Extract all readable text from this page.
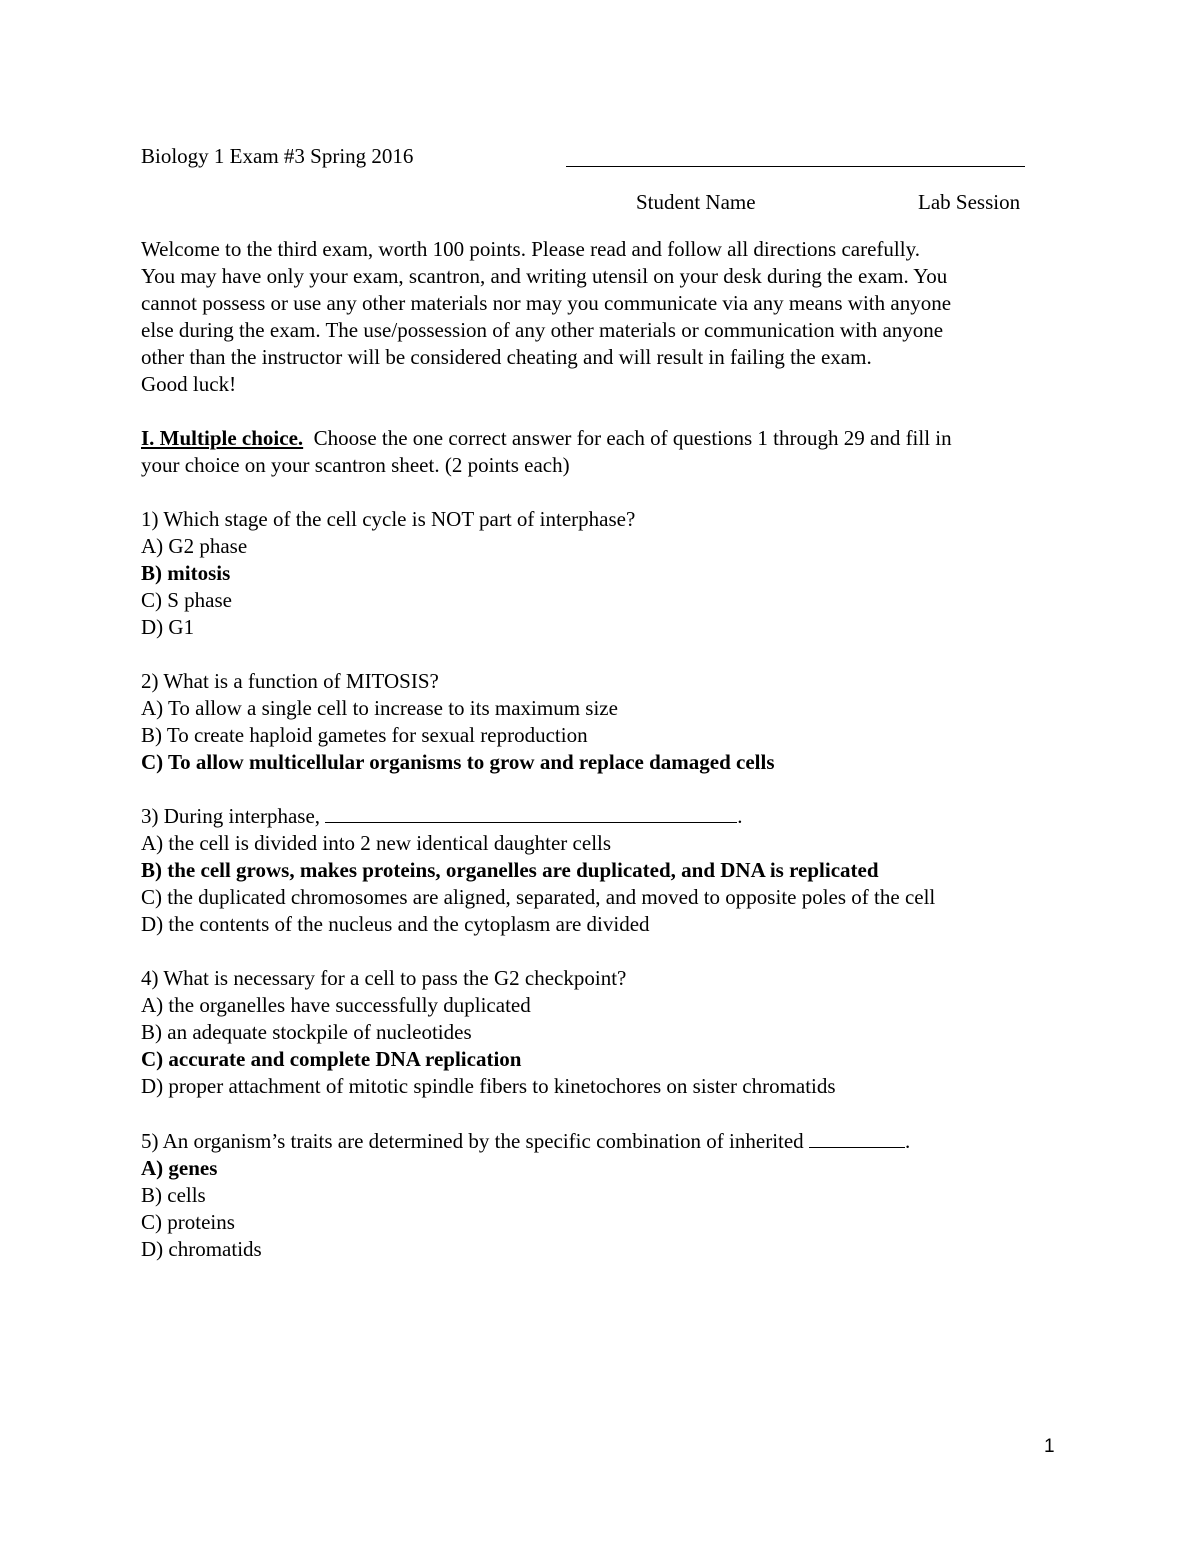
Biology 1 Exam #3 Spring 2016
Student Name	Lab Session

Welcome to the third exam, worth 100 points. Please read and follow all directions carefully.

You may have only your exam, scantron, and writing utensil on your desk during the exam. You

cannot possess or use any other materials nor may you communicate via any means with anyone

else during the exam. The use/possession of any other materials or communication with anyone

other than the instructor will be considered cheating and will result in failing the exam.

Good luck!

I. Multiple choice.  Choose the one correct answer for each of questions 1 through 29 and fill in

your choice on your scantron sheet. (2 points each)

1) Which stage of the cell cycle is NOT part of interphase?

A) G2 phase

B) mitosis

C) S phase

D) G1

2) What is a function of MITOSIS?

A) To allow a single cell to increase to its maximum size

B) To create haploid gametes for sexual reproduction

C) To allow multicellular organisms to grow and replace damaged cells

3) During interphase,	.

A) the cell is divided into 2 new identical daughter cells

B) the cell grows, makes proteins, organelles are duplicated, and DNA is replicated

C) the duplicated chromosomes are aligned, separated, and moved to opposite poles of the cell

D) the contents of the nucleus and the cytoplasm are divided

4) What is necessary for a cell to pass the G2 checkpoint?

A) the organelles have successfully duplicated

B) an adequate stockpile of nucleotides

C) accurate and complete DNA replication

D) proper attachment of mitotic spindle fibers to kinetochores on sister chromatids

5) An organism’s traits are determined by the specific combination of inherited	.

A) genes

B) cells

C) proteins

D) chromatids

1
